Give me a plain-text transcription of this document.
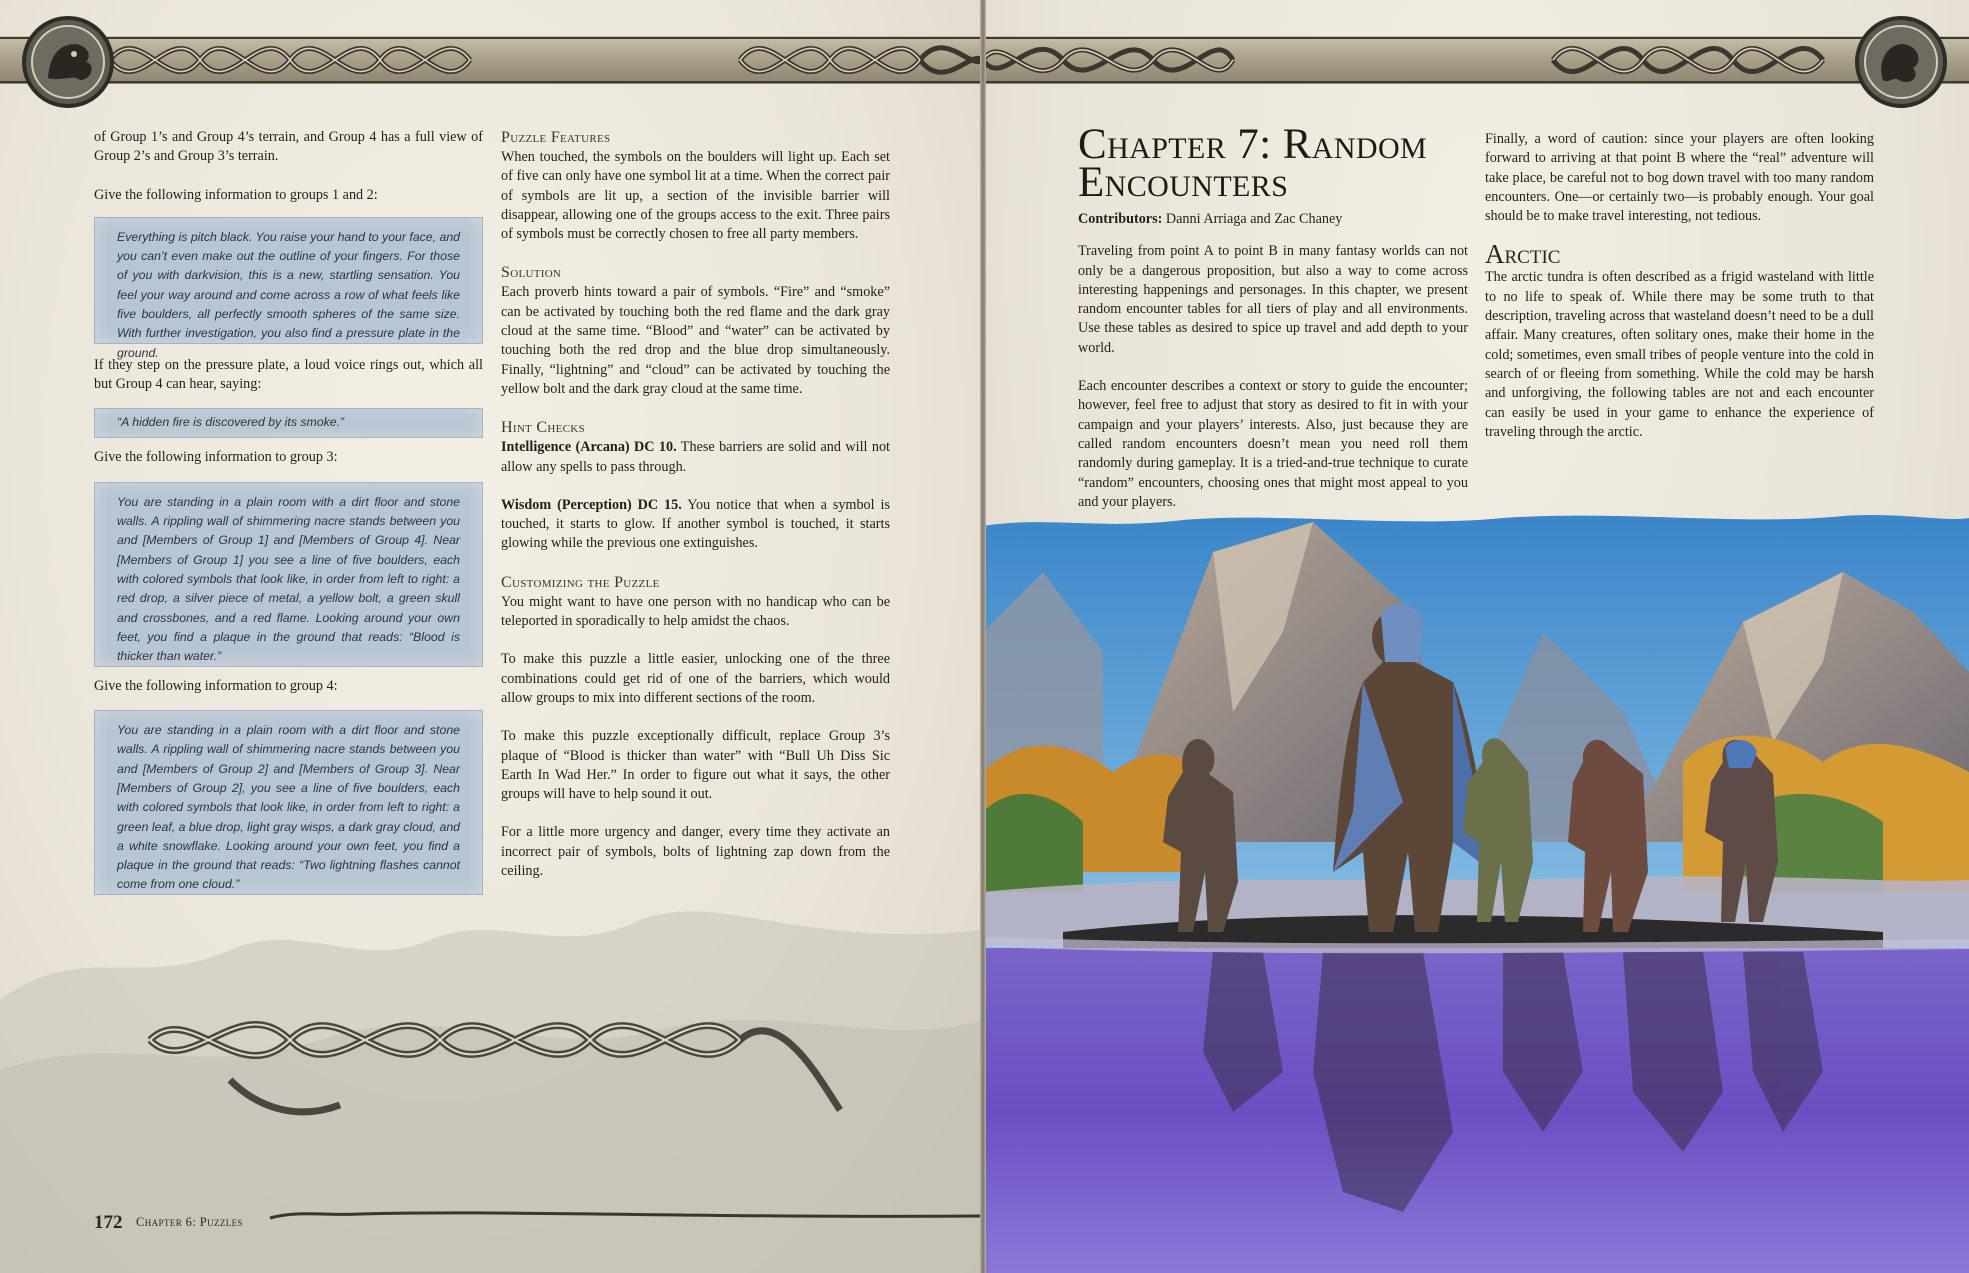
of Group 1’s and Group 4’s terrain, and Group 4 has a full view of Group 2’s and Group 3’s terrain.

Give the following information to groups 1 and 2:

Everything is pitch black. You raise your hand to your face, and you can’t even make out the outline of your fingers. For those of you with darkvision, this is a new, startling sensation. You feel your way around and come across a row of what feels like five boulders, all perfectly smooth spheres of the same size. With further investigation, you also find a pressure plate in the ground.

If they step on the pressure plate, a loud voice rings out, which all but Group 4 can hear, saying:

“A hidden fire is discovered by its smoke.”

Give the following information to group 3:

You are standing in a plain room with a dirt floor and stone walls. A rippling wall of shimmering nacre stands between you and [Members of Group 1] and [Members of Group 4]. Near [Members of Group 1] you see a line of five boulders, each with colored symbols that look like, in order from left to right: a red drop, a silver piece of metal, a yellow bolt, a green skull and crossbones, and a red flame. Looking around your own feet, you find a plaque in the ground that reads: “Blood is thicker than water.”

Give the following information to group 4:

You are standing in a plain room with a dirt floor and stone walls. A rippling wall of shimmering nacre stands between you and [Members of Group 2] and [Members of Group 3]. Near [Members of Group 2], you see a line of five boulders, each with colored symbols that look like, in order from left to right: a green leaf, a blue drop, light gray wisps, a dark gray cloud, and a white snowflake. Looking around your own feet, you find a plaque in the ground that reads: “Two lightning flashes cannot come from one cloud.”

Puzzle Features

When touched, the symbols on the boulders will light up. Each set of five can only have one symbol lit at a time. When the correct pair of symbols are lit up, a section of the invisible barrier will disappear, allowing one of the groups access to the exit. Three pairs of symbols must be correctly chosen to free all party members.

Solution

Each proverb hints toward a pair of symbols. “Fire” and “smoke” can be activated by touching both the red flame and the dark gray cloud at the same time. “Blood” and “water” can be activated by touching both the red drop and the blue drop simultaneously. Finally, “lightning” and “cloud” can be activated by touching the yellow bolt and the dark gray cloud at the same time.

Hint Checks

Intelligence (Arcana) DC 10. These barriers are solid and will not allow any spells to pass through.

Wisdom (Perception) DC 15. You notice that when a symbol is touched, it starts to glow. If another symbol is touched, it starts glowing while the previous one extinguishes.

Customizing the Puzzle

You might want to have one person with no handicap who can be teleported in sporadically to help amidst the chaos.

To make this puzzle a little easier, unlocking one of the three combinations could get rid of one of the barriers, which would allow groups to mix into different sections of the room.

To make this puzzle exceptionally difficult, replace Group 3’s plaque of “Blood is thicker than water” with “Bull Uh Diss Sic Earth In Wad Her.” In order to figure out what it says, the other groups will have to help sound it out.

For a little more urgency and danger, every time they activate an incorrect pair of symbols, bolts of lightning zap down from the ceiling.

172 Chapter 6: Puzzles
Chapter 7: Random
Encounters

Contributors: Danni Arriaga and Zac Chaney

Traveling from point A to point B in many fantasy worlds can not only be a dangerous proposition, but also a way to come across interesting happenings and personages. In this chapter, we present random encounter tables for all tiers of play and all environments. Use these tables as desired to spice up travel and add depth to your world.

Each encounter describes a context or story to guide the encounter; however, feel free to adjust that story as desired to fit in with your campaign and your players’ interests. Also, just because they are called random encounters doesn’t mean you need roll them randomly during gameplay. It is a tried-and-true technique to curate “random” encounters, choosing ones that might most appeal to you and your players.

Finally, a word of caution: since your players are often looking forward to arriving at that point B where the “real” adventure will take place, be careful not to bog down travel with too many random encounters. One—or certainly two—is probably enough. Your goal should be to make travel interesting, not tedious.

Arctic

The arctic tundra is often described as a frigid wasteland with little to no life to speak of. While there may be some truth to that description, traveling across that wasteland doesn’t need to be a dull affair. Many creatures, often solitary ones, make their home in the cold; sometimes, even small tribes of people venture into the cold in search of or fleeing from something. While the cold may be harsh and unforgiving, the following tables are not and each encounter can easily be used in your game to enhance the experience of traveling through the arctic.
